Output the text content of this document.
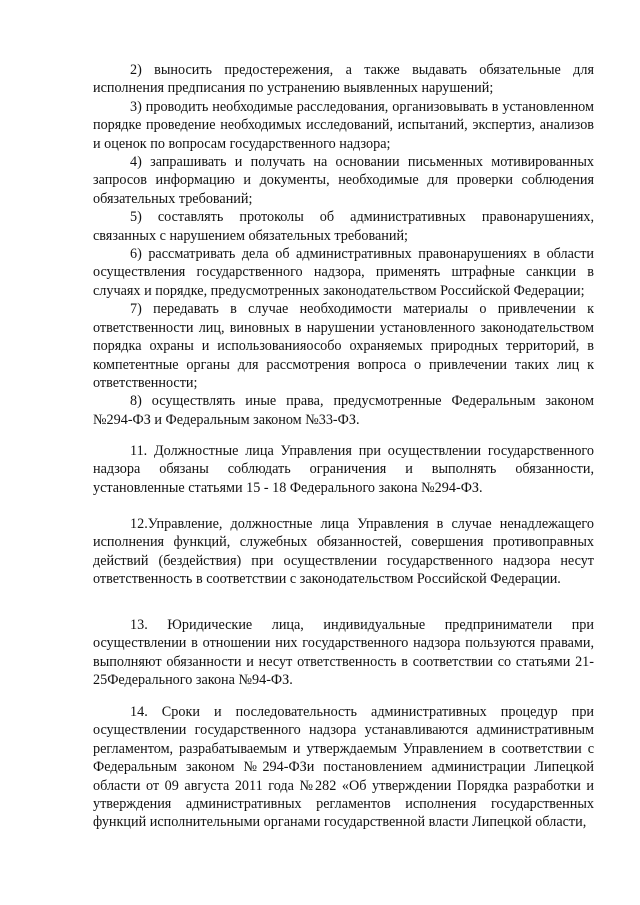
2) выносить предостережения, а также выдавать обязательные для исполнения предписания по устранению выявленных нарушений;

3) проводить необходимые расследования, организовывать в установленном порядке проведение необходимых исследований, испытаний, экспертиз, анализов и оценок по вопросам государственного надзора;

4) запрашивать и получать на основании письменных мотивированных запросов информацию и документы, необходимые для проверки соблюдения обязательных требований;

5) составлять протоколы об административных правонарушениях, связанных с нарушением обязательных требований;

6) рассматривать дела об административных правонарушениях в области осуществления государственного надзора, применять штрафные санкции в случаях и порядке, предусмотренных законодательством Российской Федерации;

7) передавать в случае необходимости материалы о привлечении к ответственности лиц, виновных в нарушении установленного законодательством порядка охраны и использованияособо охраняемых природных территорий, в компетентные органы для рассмотрения вопроса о привлечении таких лиц к ответственности;

8) осуществлять иные права, предусмотренные Федеральным законом №294-ФЗ и Федеральным законом №33-ФЗ.

11. Должностные лица Управления при осуществлении государственного надзора обязаны соблюдать ограничения и выполнять обязанности, установленные статьями 15 - 18 Федерального закона №294-ФЗ.

12.Управление, должностные лица Управления в случае ненадлежащего исполнения функций, служебных обязанностей, совершения противоправных действий (бездействия) при осуществлении государственного надзора несут ответственность в соответствии с законодательством Российской Федерации.

13. Юридические лица, индивидуальные предприниматели при осуществлении в отношении них государственного надзора пользуются правами, выполняют обязанности и несут ответственность в соответствии со статьями 21-25Федерального закона №94-ФЗ.

14. Сроки и последовательность административных процедур при осуществлении государственного надзора устанавливаются административным регламентом, разрабатываемым и утверждаемым Управлением в соответствии с Федеральным законом №294-ФЗи постановлением администрации Липецкой области от 09 августа 2011 года №282 «Об утверждении Порядка разработки и утверждения административных регламентов исполнения государственных функций исполнительными органами государственной власти Липецкой области,
